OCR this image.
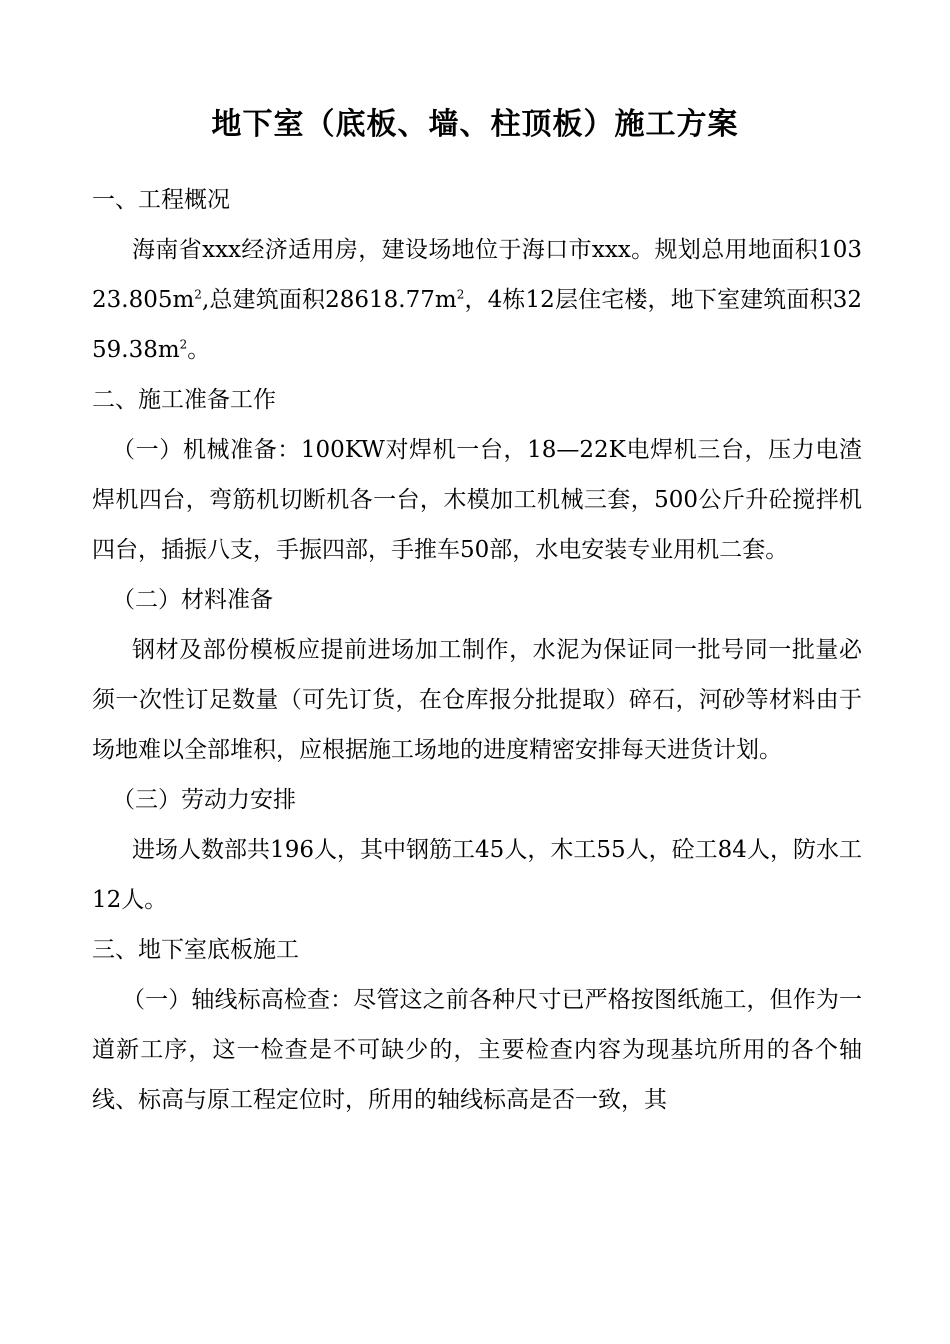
地下室（底板、墙、柱顶板）施工方案

一、工程概况

海南省xxx经济适用房，建设场地位于海口市xxx。规划总用地面积$10323.805m^2$,总建筑面积$28618.77m^2$，4栋12层住宅楼，地下室建筑面积$3259.38m^2$。

二、施工准备工作

（一）机械准备：100KW对焊机一台，18—22K电焊机三台，压力电渣焊机四台，弯筋机切断机各一台，木模加工机械三套，500公斤升砼搅拌机四台，插振八支，手振四部，手推车50部，水电安装专业用机二套。

（二）材料准备

钢材及部份模板应提前进场加工制作，水泥为保证同一批号同一批量必须一次性订足数量（可先订货，在仓库报分批提取）碎石，河砂等材料由于场地难以全部堆积，应根据施工场地的进度精密安排每天进货计划。

（三）劳动力安排

进场人数部共196人，其中钢筋工45人，木工55人，砼工84人，防水工12人。

三、地下室底板施工

（一）轴线标高检查：尽管这之前各种尺寸已严格按图纸施工，但作为一道新工序，这一检查是不可缺少的，主要检查内容为现基坑所用的各个轴线、标高与原工程定位时，所用的轴线标高是否一致，其
